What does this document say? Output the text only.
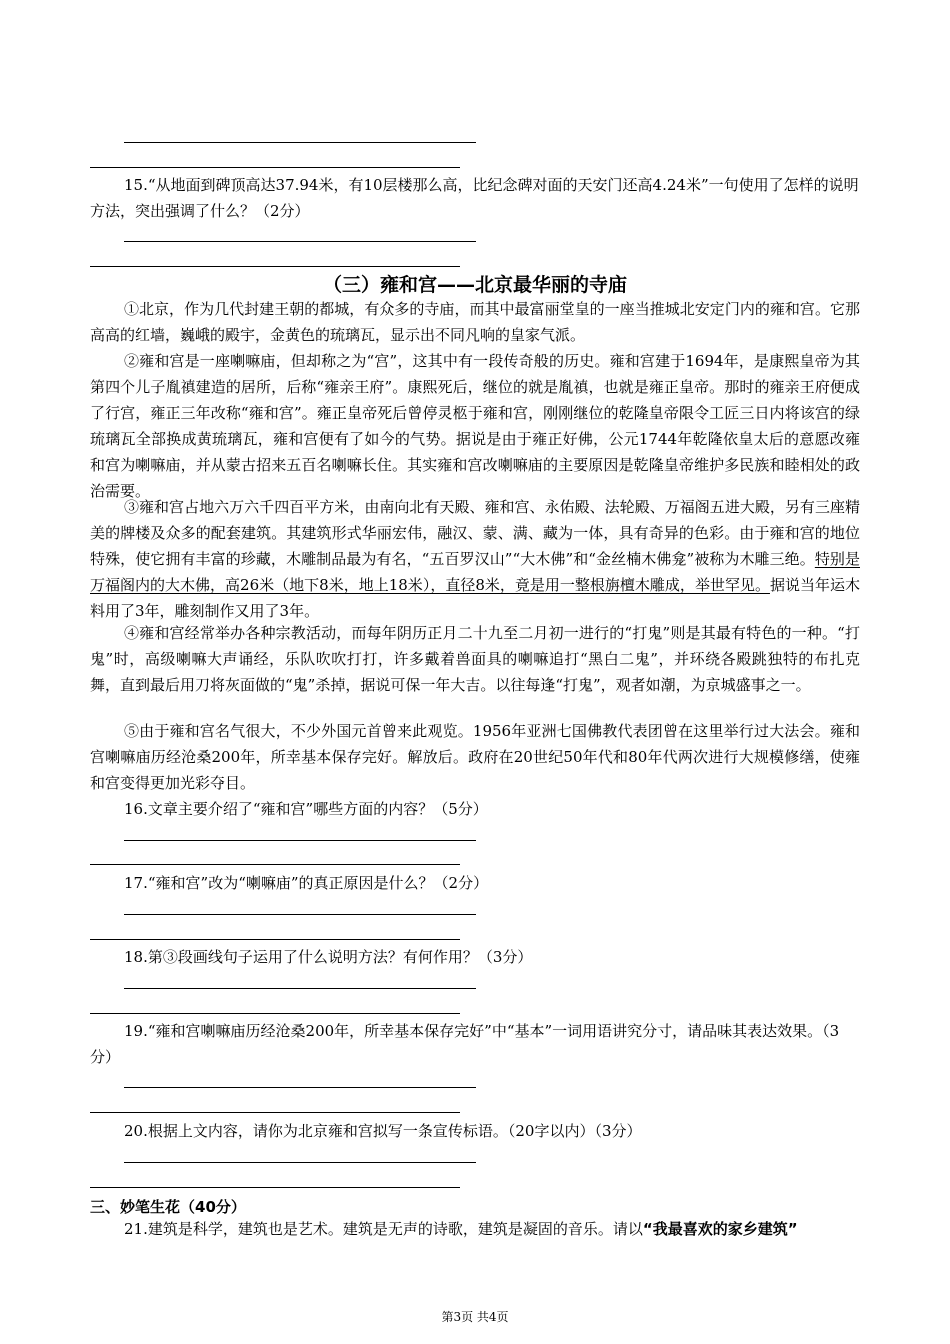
15.“从地面到碑顶高达37.94米，有10层楼那么高，比纪念碑对面的天安门还高4.24米”一句使用了怎样的说明方法，突出强调了什么？（2分）

（三）雍和宫——北京最华丽的寺庙

①北京，作为几代封建王朝的都城，有众多的寺庙，而其中最富丽堂皇的一座当推城北安定门内的雍和宫。它那高高的红墙，巍峨的殿宇，金黄色的琉璃瓦，显示出不同凡响的皇家气派。

②雍和宫是一座喇嘛庙，但却称之为“宫”，这其中有一段传奇般的历史。雍和宫建于1694年，是康熙皇帝为其第四个儿子胤禛建造的居所，后称“雍亲王府”。康熙死后，继位的就是胤禛，也就是雍正皇帝。那时的雍亲王府便成了行宫，雍正三年改称“雍和宫”。雍正皇帝死后曾停灵柩于雍和宫，刚刚继位的乾隆皇帝限令工匠三日内将该宫的绿琉璃瓦全部换成黄琉璃瓦，雍和宫便有了如今的气势。据说是由于雍正好佛，公元1744年乾隆依皇太后的意愿改雍和宫为喇嘛庙，并从蒙古招来五百名喇嘛长住。其实雍和宫改喇嘛庙的主要原因是乾隆皇帝维护多民族和睦相处的政治需要。

③雍和宫占地六万六千四百平方米，由南向北有天殿、雍和宫、永佑殿、法轮殿、万福阁五进大殿，另有三座精美的牌楼及众多的配套建筑。其建筑形式华丽宏伟，融汉、蒙、满、藏为一体，具有奇异的色彩。由于雍和宫的地位特殊，使它拥有丰富的珍藏，木雕制品最为有名，“五百罗汉山”“大木佛”和“金丝楠木佛龛”被称为木雕三绝。特别是万福阁内的大木佛，高26米（地下8米，地上18米），直径8米，竟是用一整根旃檀木雕成，举世罕见。据说当年运木料用了3年，雕刻制作又用了3年。

④雍和宫经常举办各种宗教活动，而每年阴历正月二十九至二月初一进行的“打鬼”则是其最有特色的一种。“打鬼”时，高级喇嘛大声诵经，乐队吹吹打打，许多戴着兽面具的喇嘛追打“黑白二鬼”，并环绕各殿跳独特的布扎克舞，直到最后用刀将灰面做的“鬼”杀掉，据说可保一年大吉。以往每逢“打鬼”，观者如潮，为京城盛事之一。

⑤由于雍和宫名气很大，不少外国元首曾来此观览。1956年亚洲七国佛教代表团曾在这里举行过大法会。雍和宫喇嘛庙历经沧桑200年，所幸基本保存完好。解放后。政府在20世纪50年代和80年代两次进行大规模修缮，使雍和宫变得更加光彩夺目。

16.文章主要介绍了“雍和宫”哪些方面的内容？（5分）

17.“雍和宫”改为“喇嘛庙”的真正原因是什么？（2分）

18.第③段画线句子运用了什么说明方法？有何作用？（3分）

19.“雍和宫喇嘛庙历经沧桑200年，所幸基本保存完好”中“基本”一词用语讲究分寸，请品味其表达效果。（3分）

20.根据上文内容，请你为北京雍和宫拟写一条宣传标语。（20字以内）（3分）

三、妙笔生花（40分）

21.建筑是科学，建筑也是艺术。建筑是无声的诗歌，建筑是凝固的音乐。请以“我最喜欢的家乡建筑”

第3页 共4页
